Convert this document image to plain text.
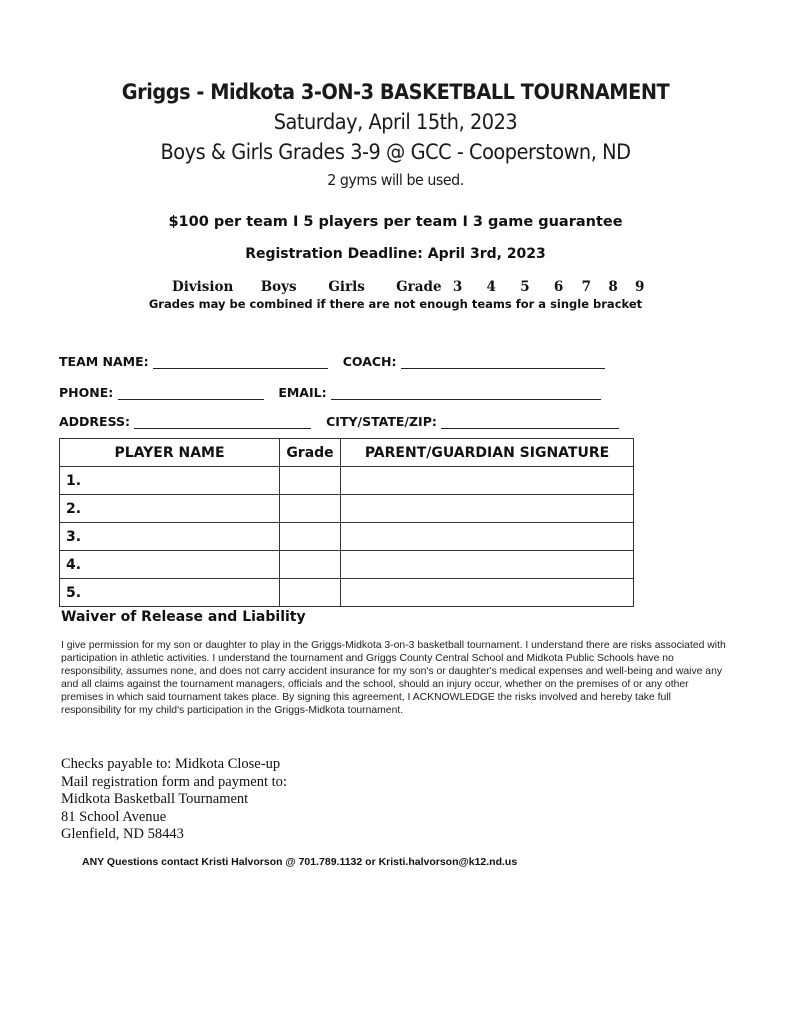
Griggs - Midkota 3-ON-3 BASKETBALL TOURNAMENT
Saturday, April 15th, 2023
Boys & Girls Grades 3-9 @ GCC - Cooperstown, ND
2 gyms will be used.
$100 per team I 5 players per team I 3 game guarantee
Registration Deadline: April 3rd, 2023
Division Boys Girls Grade 3 4 5 6 7 8 9
Grades may be combined if there are not enough teams for a single bracket
TEAM NAME:	COACH:
PHONE:	EMAIL:
ADDRESS:	CITY/STATE/ZIP:
PLAYER NAME	Grade	PARENT/GUARDIAN SIGNATURE
1.		
2.		
3.		
4.		
5.		
Waiver of Release and Liability
I give permission for my son or daughter to play in the Griggs-Midkota 3-on-3 basketball tournament. I understand there are risks associated with participation in athletic activities. I understand the tournament and Griggs County Central School and Midkota Public Schools have no responsibility, assumes none, and does not carry accident insurance for my son's or daughter's medical expenses and well-being and waive any and all claims against the tournament managers, officials and the school, should an injury occur, whether on the premises of or any other premises in which said tournament takes place. By signing this agreement, I ACKNOWLEDGE the risks involved and hereby take full responsibility for my child's participation in the Griggs-Midkota tournament.
Checks payable to: Midkota Close-up
Mail registration form and payment to:
Midkota Basketball Tournament
81 School Avenue
Glenfield, ND 58443
ANY Questions contact Kristi Halvorson @ 701.789.1132 or Kristi.halvorson@k12.nd.us
